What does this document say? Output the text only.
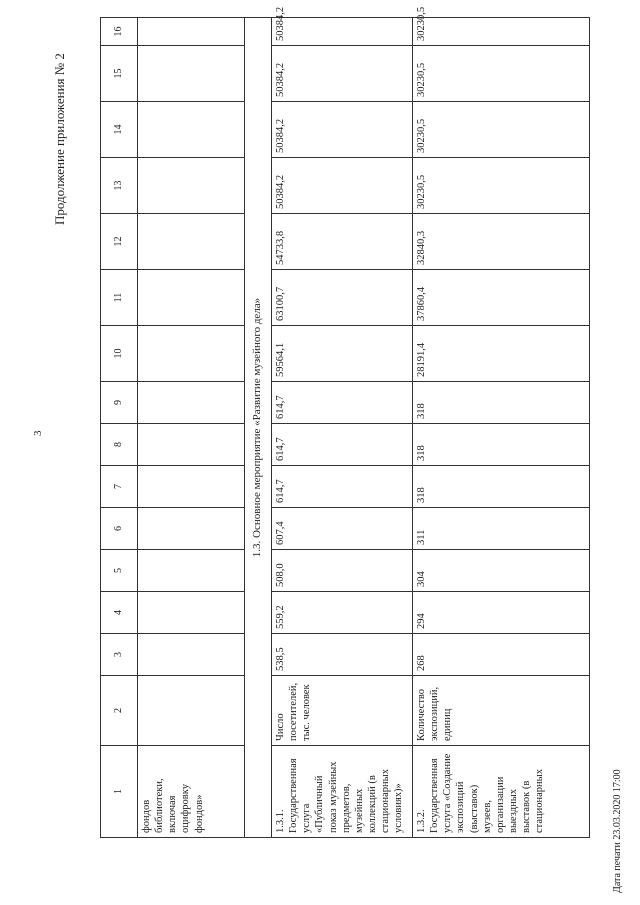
3
Продолжение приложения № 2
Дата печати 23.03.2020 17:00
1	2	3	4	5	6	7	8	9	10	11	12	13	14	15	16
фондов библиотеки, включая оцифровку фондов»															
1.3. Основное мероприятие «Развитие музейного дела»															
1.3.1. Государственная услуга «Публичный показ музейных предметов, музейных коллекций (в стационарных условиях)»	Число посетителей, тыс. человек	538,5	559,2	508,0	607,4	614,7	614,7	614,7	59564,1	63100,7	54733,8	50384,2	50384,2	50384,2	50384,2
1.3.2. Государственная услуга «Создание экспозиций (выставок) музеев, организации выездных выставок (в стационарных	Количество экспозиций, единиц	268	294	304	311	318	318	318	28191,4	37860,4	32840,3	30230,5	30230,5	30230,5	30230,5
